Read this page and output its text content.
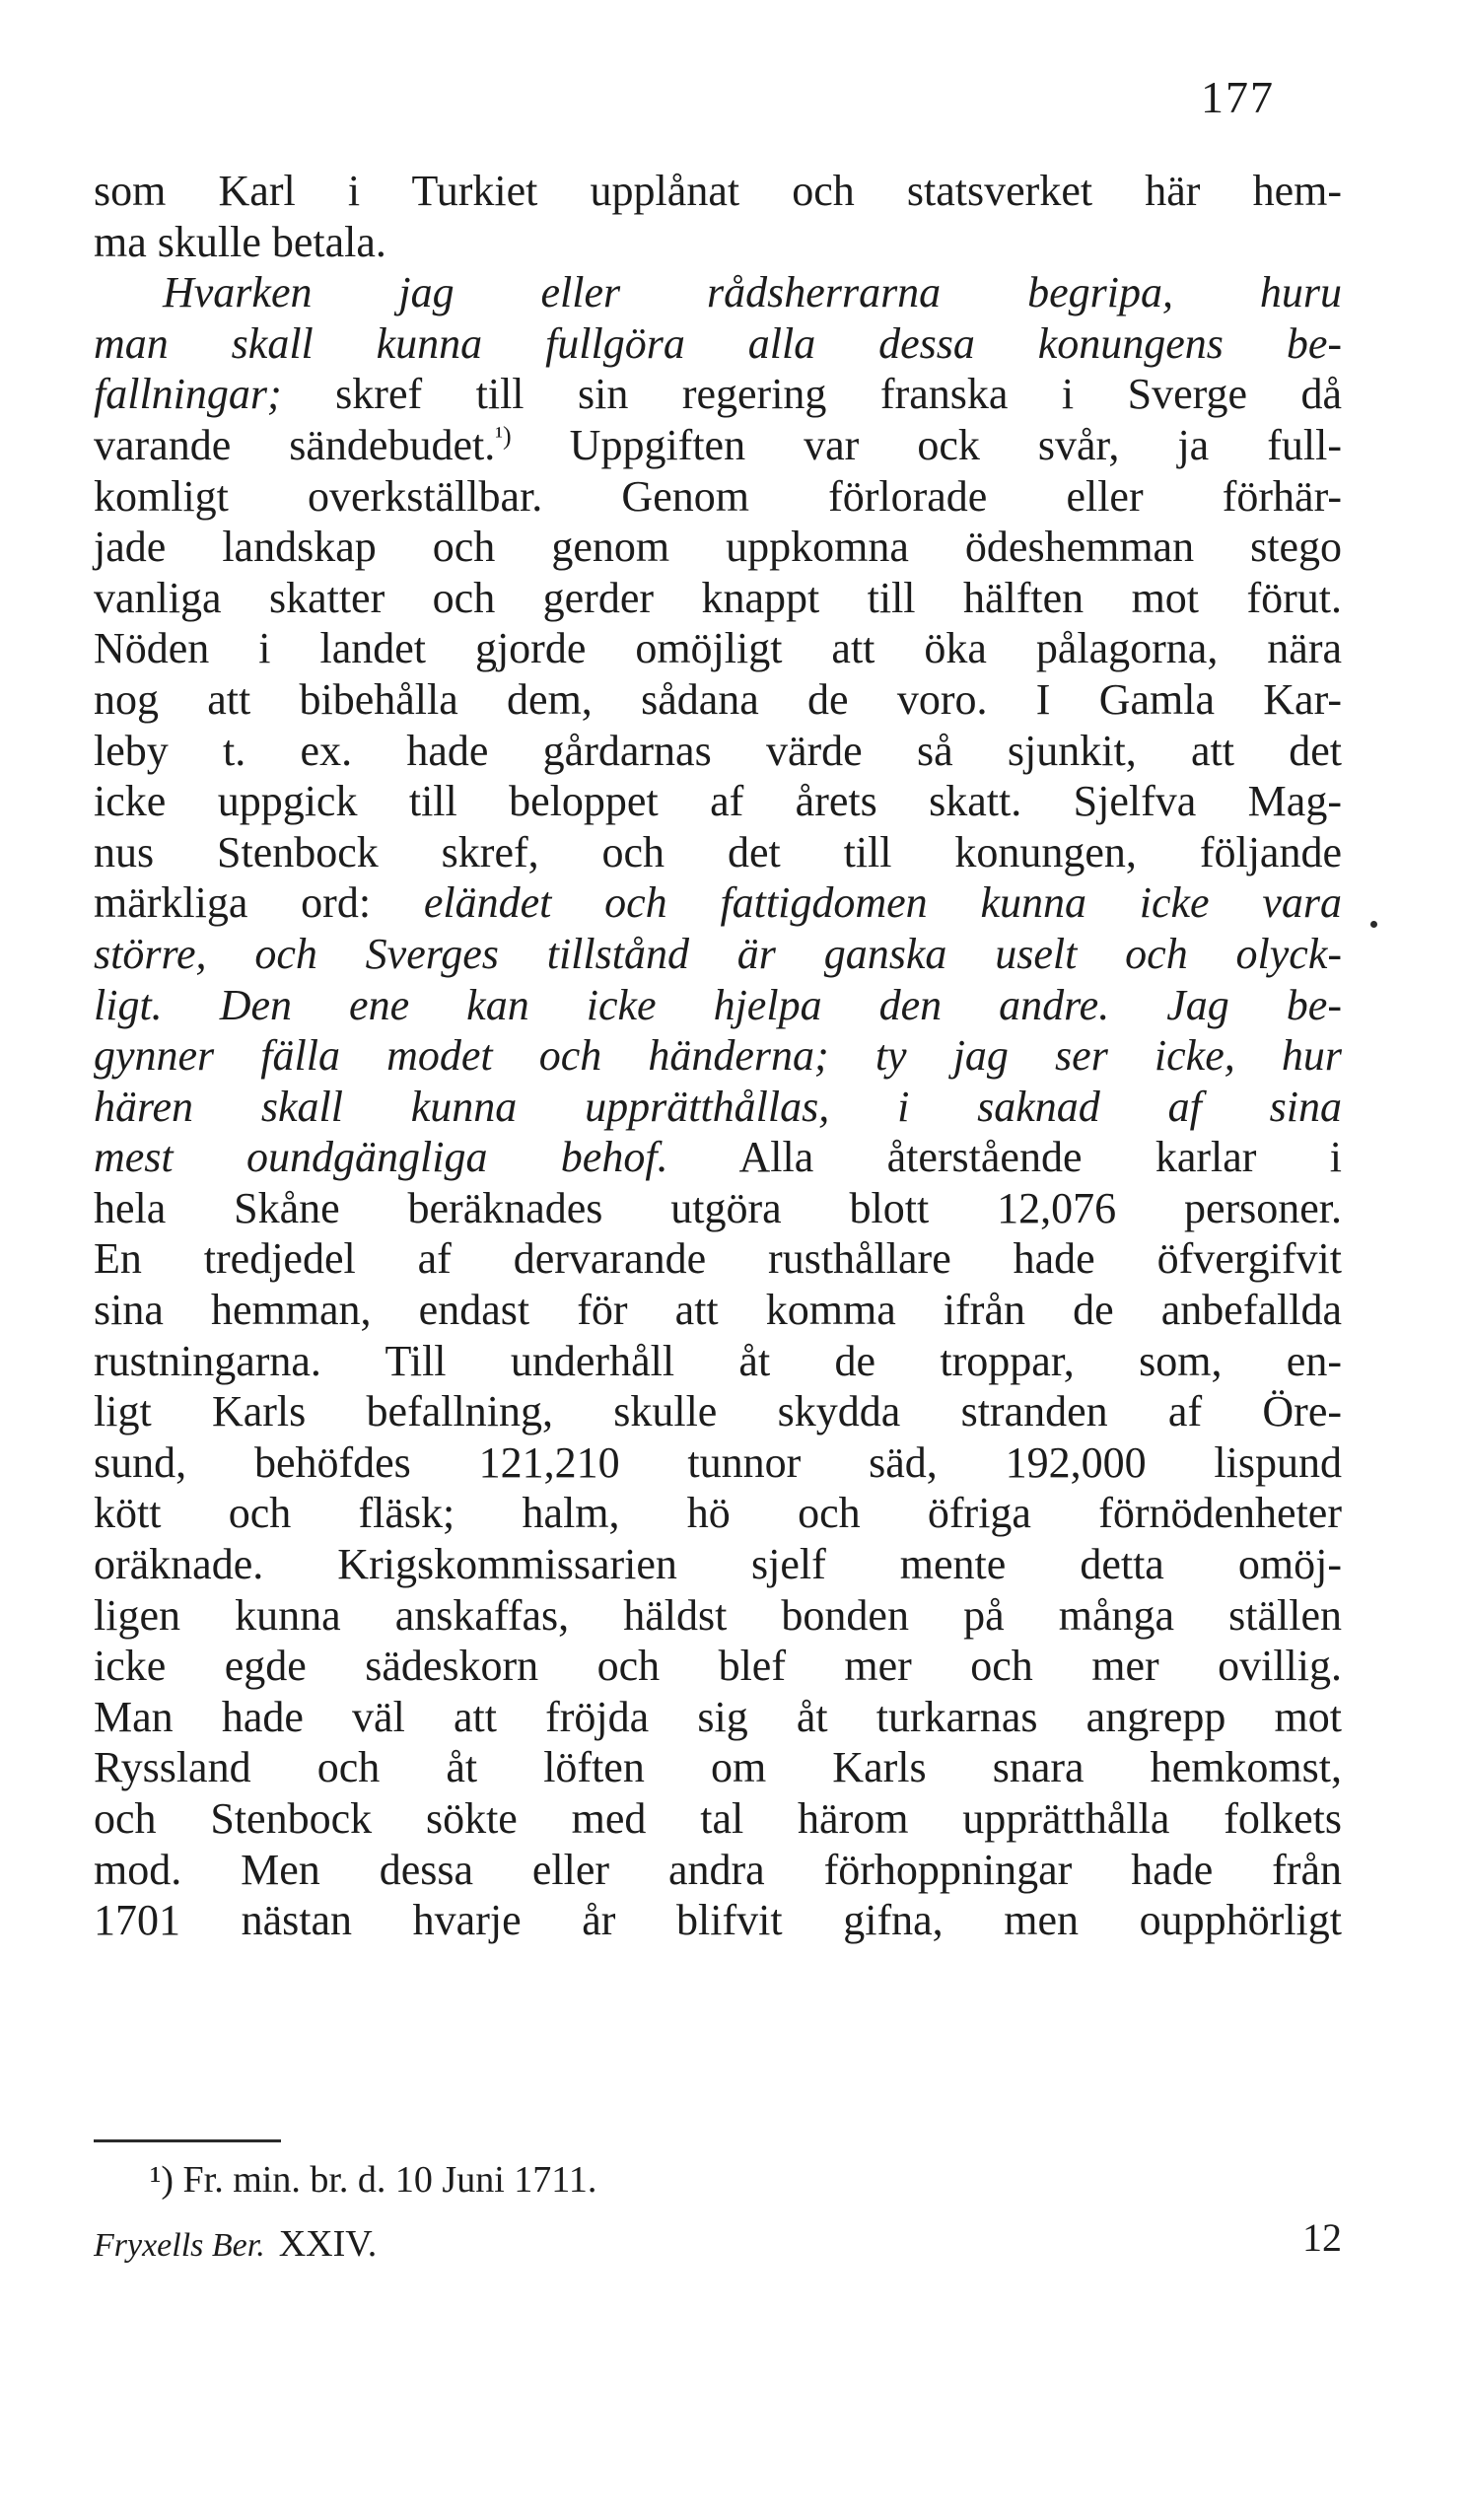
177
som Karl i Turkiet upplånat och statsverket här hem-
ma skulle betala.
Hvarken jag eller rådsherrarna begripa, huru
man skall kunna fullgöra alla dessa konungens be-
fallningar; skref till sin regering franska i Sverge då
varande sändebudet.$^{^1)}$ Uppgiften var ock svår, ja full-
komligt overkställbar. Genom förlorade eller förhär-
jade landskap och genom uppkomna ödeshemman stego
vanliga skatter och gerder knappt till hälften mot förut.
Nöden i landet gjorde omöjligt att öka pålagorna, nära
nog att bibehålla dem, sådana de voro. I Gamla Kar-
leby t. ex. hade gårdarnas värde så sjunkit, att det
icke uppgick till beloppet af årets skatt. Sjelfva Mag-
nus Stenbock skref, och det till konungen, följande
märkliga ord: eländet och fattigdomen kunna icke vara
större, och Sverges tillstånd är ganska uselt och olyck-
ligt. Den ene kan icke hjelpa den andre. Jag be-
gynner fälla modet och händerna; ty jag ser icke, hur
hären skall kunna upprätthållas, i saknad af sina
mest oundgängliga behof. Alla återstående karlar i
hela Skåne beräknades utgöra blott 12,076 personer.
En tredjedel af dervarande rusthållare hade öfvergifvit
sina hemman, endast för att komma ifrån de anbefallda
rustningarna. Till underhåll åt de troppar, som, en-
ligt Karls befallning, skulle skydda stranden af Öre-
sund, behöfdes 121,210 tunnor säd, 192,000 lispund
kött och fläsk; halm, hö och öfriga förnödenheter
oräknade. Krigskommissarien sjelf mente detta omöj-
ligen kunna anskaffas, häldst bonden på många ställen
icke egde sädeskorn och blef mer och mer ovillig.
Man hade väl att fröjda sig åt turkarnas angrepp mot
Ryssland och åt löften om Karls snara hemkomst,
och Stenbock sökte med tal härom upprätthålla folkets
mod. Men dessa eller andra förhoppningar hade från
1701 nästan hvarje år blifvit gifna, men oupphörligt
¹) Fr. min. br. d. 10 Juni 1711.
Fryxells Ber. XXIV.	12
